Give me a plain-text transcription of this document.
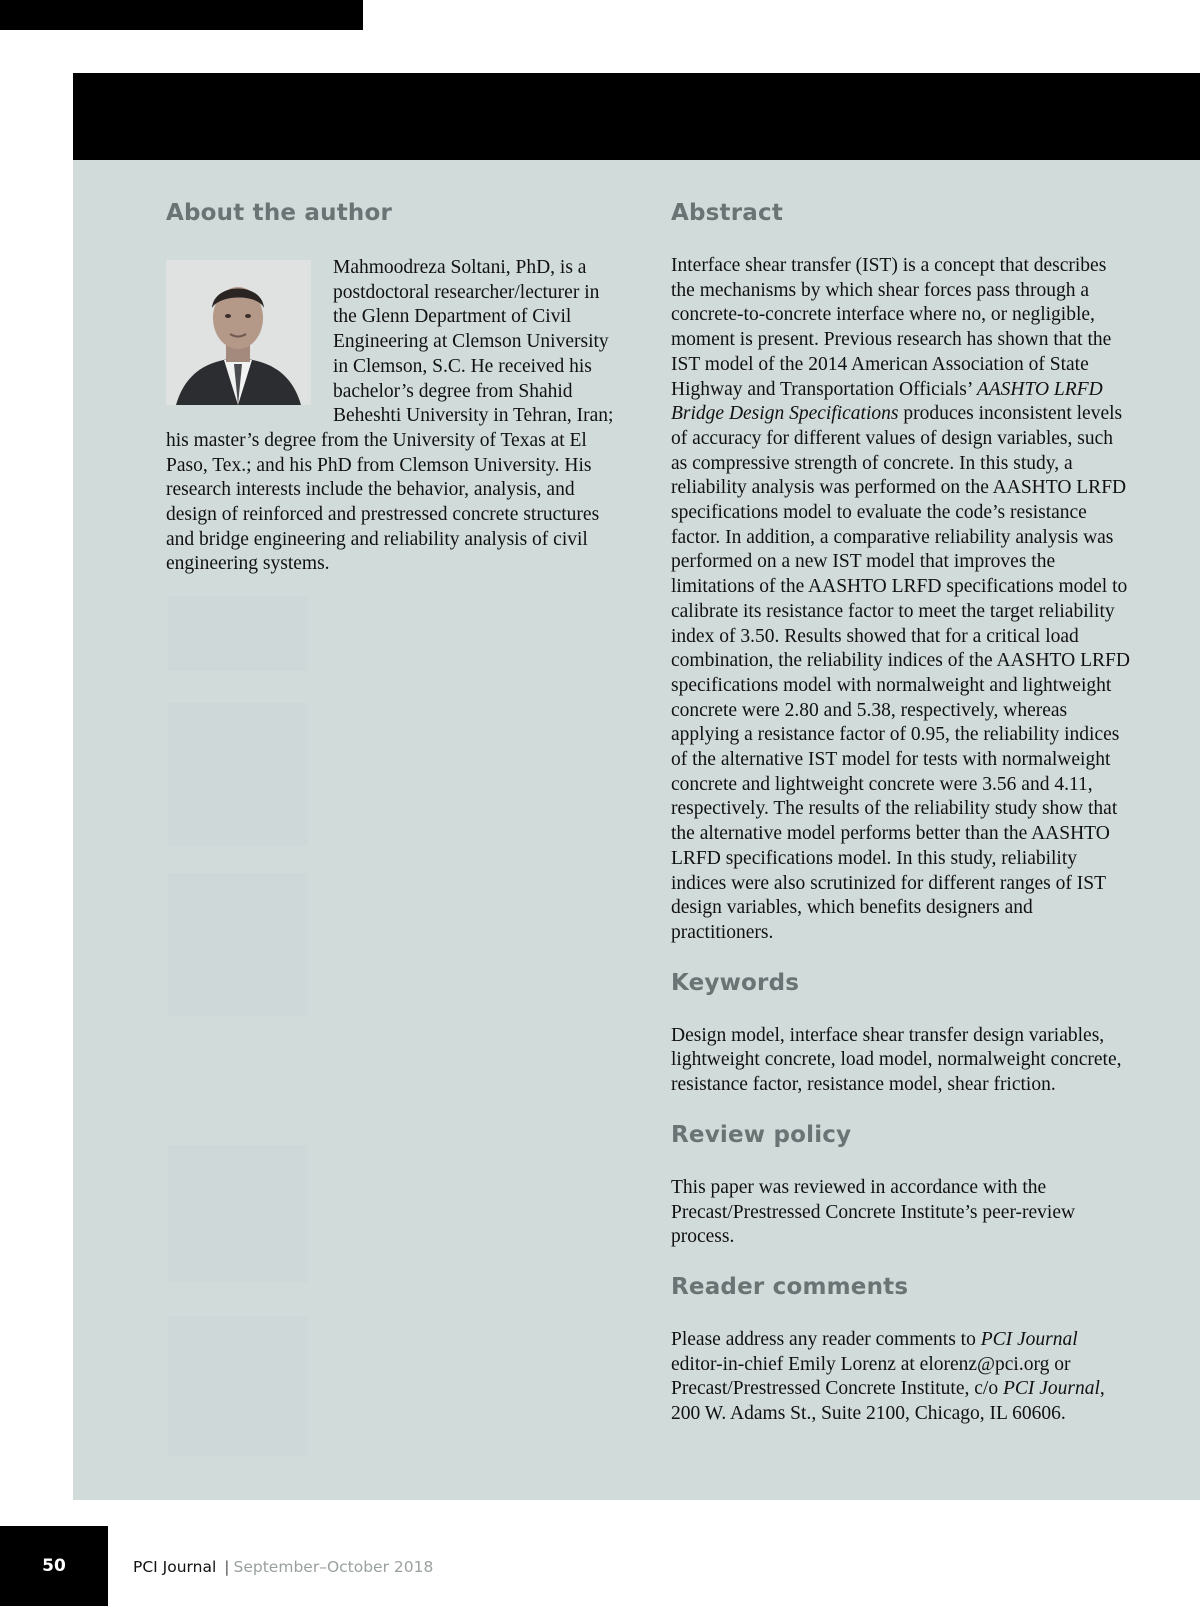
About the author

Mahmoodreza Soltani, PhD, is a postdoctoral researcher/lecturer in the Glenn Department of Civil Engineering at Clemson University in Clemson, S.C. He received his bachelor’s degree from Shahid Beheshti University in Tehran, Iran; his master’s degree from the University of Texas at El Paso, Tex.; and his PhD from Clemson University. His research interests include the behavior, analysis, and design of reinforced and prestressed concrete structures and bridge engineering and reliability analysis of civil engineering systems.

Abstract

Interface shear transfer (IST) is a concept that describes the mechanisms by which shear forces pass through a concrete-to-concrete interface where no, or negligible, moment is present. Previous research has shown that the IST model of the 2014 American Association of State Highway and Transportation Officials’ AASHTO LRFD Bridge Design Specifications produces inconsistent levels of accuracy for different values of design variables, such as compressive strength of concrete. In this study, a reliability analysis was performed on the AASHTO LRFD specifications model to evaluate the code’s resistance factor. In addition, a comparative reliability analysis was performed on a new IST model that improves the limitations of the AASHTO LRFD specifications model to calibrate its resistance factor to meet the target reliability index of 3.50. Results showed that for a critical load combination, the reliability indices of the AASHTO LRFD specifications model with normalweight and lightweight concrete were 2.80 and 5.38, respectively, whereas applying a resistance factor of 0.95, the reliability indices of the alternative IST model for tests with normalweight concrete and lightweight concrete were 3.56 and 4.11, respectively. The results of the reliability study show that the alternative model performs better than the AASHTO LRFD specifications model. In this study, reliability indices were also scrutinized for different ranges of IST design variables, which benefits designers and practitioners.

Keywords

Design model, interface shear transfer design variables, lightweight concrete, load model, normalweight concrete, resistance factor, resistance model, shear friction.

Review policy

This paper was reviewed in accordance with the Precast/Prestressed Concrete Institute’s peer-review process.

Reader comments

Please address any reader comments to PCI Journal editor-in-chief Emily Lorenz at elorenz@pci.org or Precast/Prestressed Concrete Institute, c/o PCI Journal, 200 W. Adams St., Suite 2100, Chicago, IL 60606.

50	PCI Journal | September–October 2018
